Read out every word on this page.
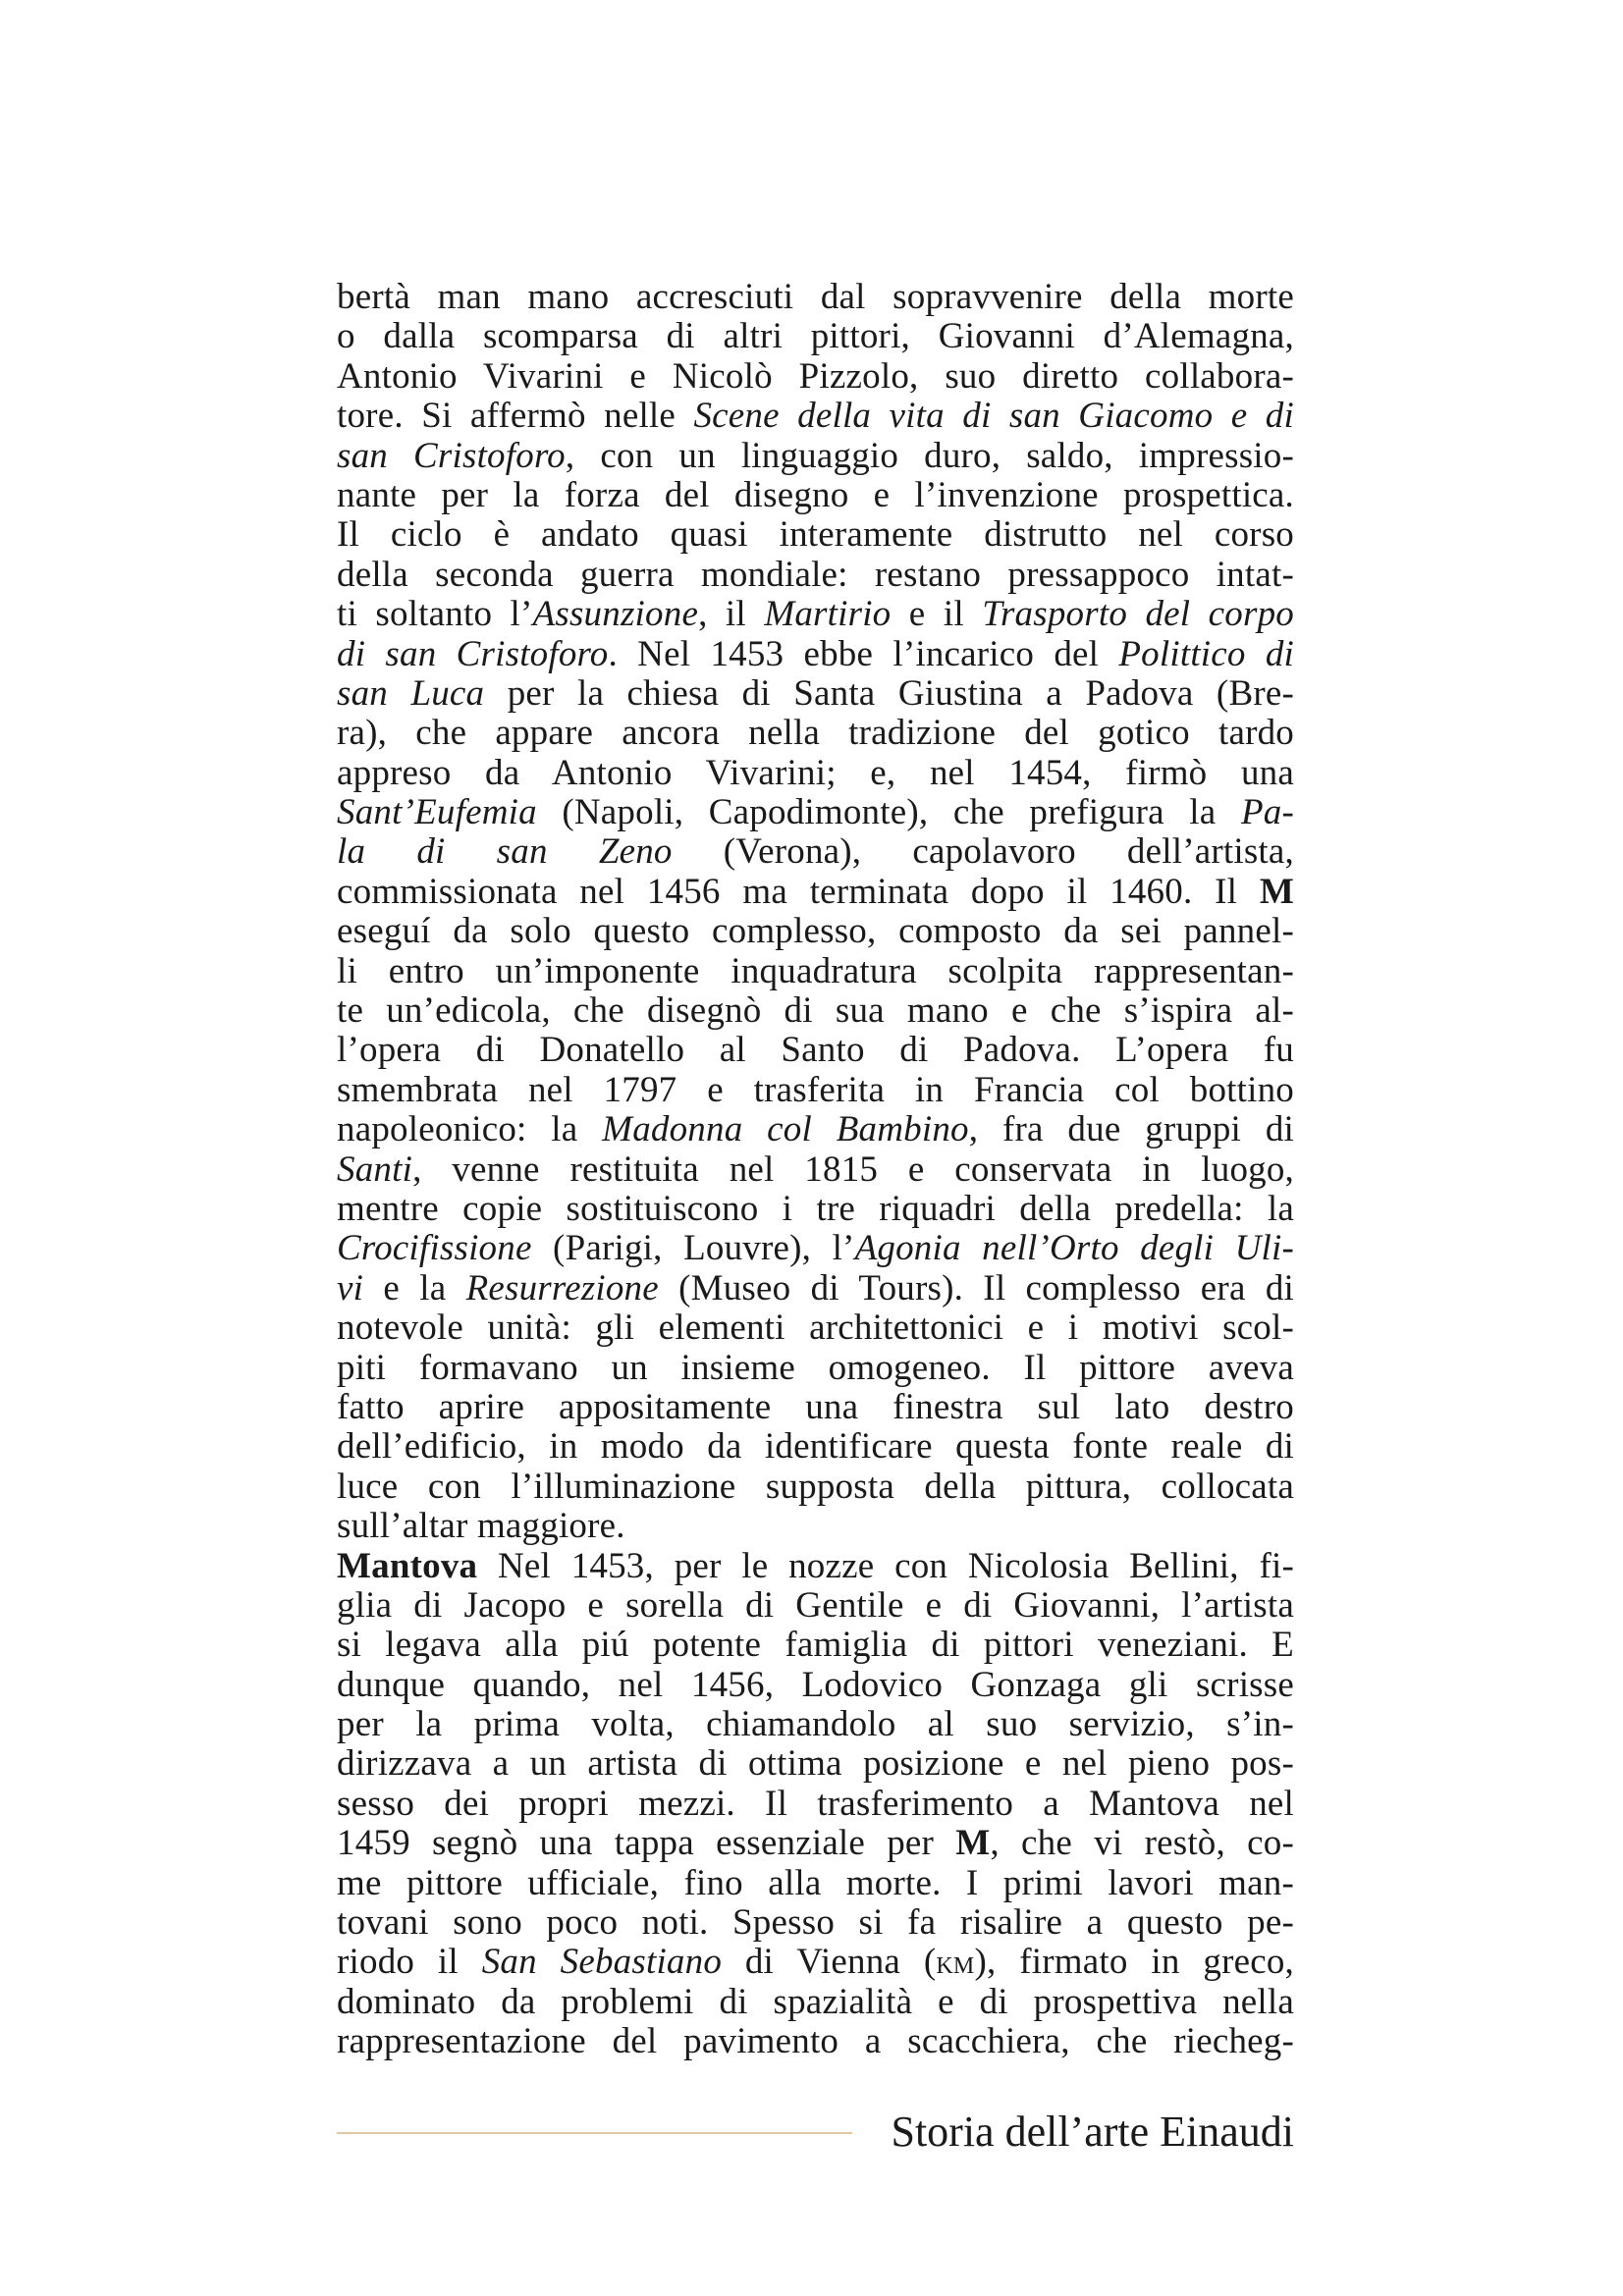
bertà man mano accresciuti dal sopravvenire della morte
o dalla scomparsa di altri pittori, Giovanni d’Alemagna,
Antonio Vivarini e Nicolò Pizzolo, suo diretto collabora-
tore. Si affermò nelle Scene della vita di san Giacomo e di
san Cristoforo, con un linguaggio duro, saldo, impressio-
nante per la forza del disegno e l’invenzione prospettica.
Il ciclo è andato quasi interamente distrutto nel corso
della seconda guerra mondiale: restano pressappoco intat-
ti soltanto l’Assunzione, il Martirio e il Trasporto del corpo
di san Cristoforo. Nel 1453 ebbe l’incarico del Polittico di
san Luca per la chiesa di Santa Giustina a Padova (Bre-
ra), che appare ancora nella tradizione del gotico tardo
appreso da Antonio Vivarini; e, nel 1454, firmò una
Sant’Eufemia (Napoli, Capodimonte), che prefigura la Pa-
la di san Zeno (Verona), capolavoro dell’artista,
commissionata nel 1456 ma terminata dopo il 1460. Il M
eseguí da solo questo complesso, composto da sei pannel-
li entro un’imponente inquadratura scolpita rappresentan-
te un’edicola, che disegnò di sua mano e che s’ispira al-
l’opera di Donatello al Santo di Padova. L’opera fu
smembrata nel 1797 e trasferita in Francia col bottino
napoleonico: la Madonna col Bambino, fra due gruppi di
Santi, venne restituita nel 1815 e conservata in luogo,
mentre copie sostituiscono i tre riquadri della predella: la
Crocifissione (Parigi, Louvre), l’Agonia nell’Orto degli Uli-
vi e la Resurrezione (Museo di Tours). Il complesso era di
notevole unità: gli elementi architettonici e i motivi scol-
piti formavano un insieme omogeneo. Il pittore aveva
fatto aprire appositamente una finestra sul lato destro
dell’edificio, in modo da identificare questa fonte reale di
luce con l’illuminazione supposta della pittura, collocata
sull’altar maggiore.
Mantova Nel 1453, per le nozze con Nicolosia Bellini, fi-
glia di Jacopo e sorella di Gentile e di Giovanni, l’artista
si legava alla piú potente famiglia di pittori veneziani. E
dunque quando, nel 1456, Lodovico Gonzaga gli scrisse
per la prima volta, chiamandolo al suo servizio, s’in-
dirizzava a un artista di ottima posizione e nel pieno pos-
sesso dei propri mezzi. Il trasferimento a Mantova nel
1459 segnò una tappa essenziale per M, che vi restò, co-
me pittore ufficiale, fino alla morte. I primi lavori man-
tovani sono poco noti. Spesso si fa risalire a questo pe-
riodo il San Sebastiano di Vienna (km), firmato in greco,
dominato da problemi di spazialità e di prospettiva nella
rappresentazione del pavimento a scacchiera, che riecheg-
Storia dell’arte Einaudi
